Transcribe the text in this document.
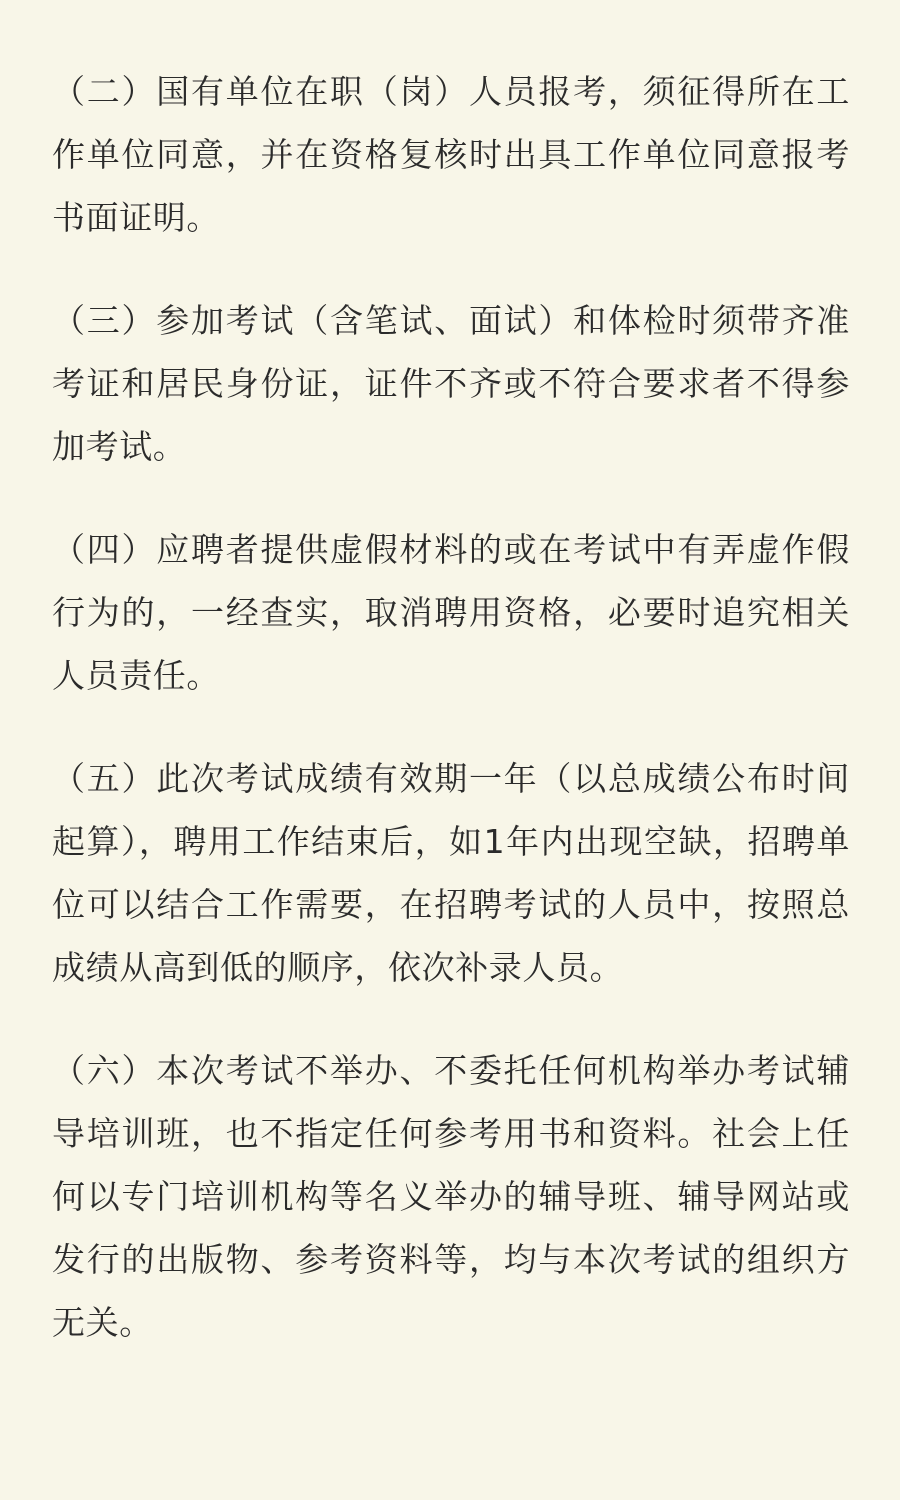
（二）国有单位在职（岗）人员报考，须征得所在工作单位同意，并在资格复核时出具工作单位同意报考书面证明。

（三）参加考试（含笔试、面试）和体检时须带齐准考证和居民身份证，证件不齐或不符合要求者不得参加考试。

（四）应聘者提供虚假材料的或在考试中有弄虚作假行为的，一经查实，取消聘用资格，必要时追究相关人员责任。

（五）此次考试成绩有效期一年（以总成绩公布时间起算），聘用工作结束后，如1年内出现空缺，招聘单位可以结合工作需要，在招聘考试的人员中，按照总成绩从高到低的顺序，依次补录人员。

（六）本次考试不举办、不委托任何机构举办考试辅导培训班，也不指定任何参考用书和资料。社会上任何以专门培训机构等名义举办的辅导班、辅导网站或发行的出版物、参考资料等，均与本次考试的组织方无关。
